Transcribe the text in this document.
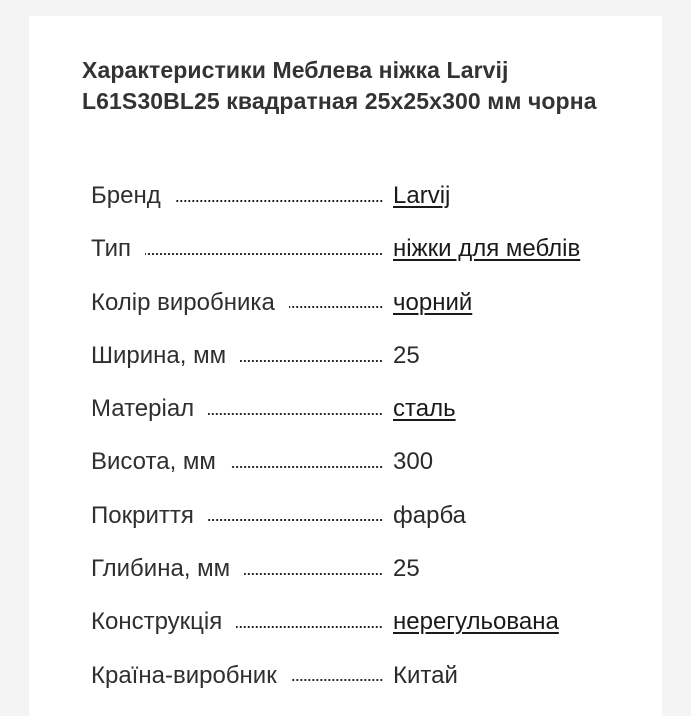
Характеристики Меблева ніжка Larvij L61S30BL25 квадратная 25x25x300 мм чорна
Бренд	Larvij
Тип	ніжки для меблів
Колір виробника	чорний
Ширина, мм	25
Матеріал	сталь
Висота, мм	300
Покриття	фарба
Глибина, мм	25
Конструкція	нерегульована
Країна-виробник	Китай
